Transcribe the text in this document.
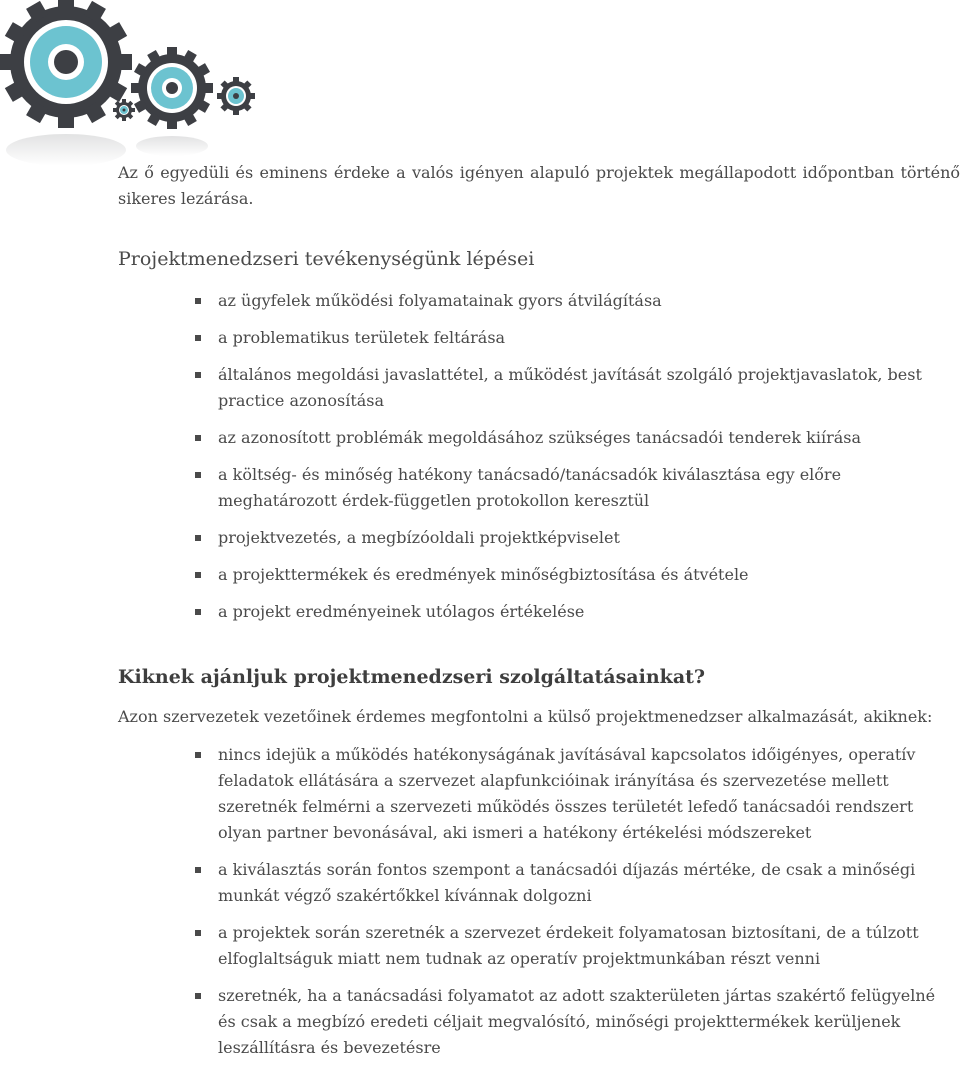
Az ő egyedüli és eminens érdeke a valós igényen alapuló projektek megállapodott időpontban történő sikeres lezárása.

Projektmenedzseri tevékenységünk lépései
az ügyfelek működési folyamatainak gyors átvilágítása
a problematikus területek feltárása
általános megoldási javaslattétel, a működést javítását szolgáló projektjavaslatok, best practice azonosítása
az azonosított problémák megoldásához szükséges tanácsadói tenderek kiírása
a költség- és minőség hatékony tanácsadó/tanácsadók kiválasztása egy előre meghatározott érdek-független protokollon keresztül
projektvezetés, a megbízóoldali projektképviselet
a projekttermékek és eredmények minőségbiztosítása és átvétele
a projekt eredményeinek utólagos értékelése
Kiknek ajánljuk projektmenedzseri szolgáltatásainkat?

Azon szervezetek vezetőinek érdemes megfontolni a külső projektmenedzser alkalmazását, akiknek:

nincs idejük a működés hatékonyságának javításával kapcsolatos időigényes, operatív feladatok ellátására a szervezet alapfunkcióinak irányítása és szervezetése mellett szeretnék felmérni a szervezeti működés összes területét lefedő tanácsadói rendszert olyan partner bevonásával, aki ismeri a hatékony értékelési módszereket
a kiválasztás során fontos szempont a tanácsadói díjazás mértéke, de csak a minőségi munkát végző szakértőkkel kívánnak dolgozni
a projektek során szeretnék a szervezet érdekeit folyamatosan biztosítani, de a túlzott elfoglaltságuk miatt nem tudnak az operatív projektmunkában részt venni
szeretnék, ha a tanácsadási folyamatot az adott szakterületen jártas szakértő felügyelné és csak a megbízó eredeti céljait megvalósító, minőségi projekttermékek kerüljenek leszállításra és bevezetésre
